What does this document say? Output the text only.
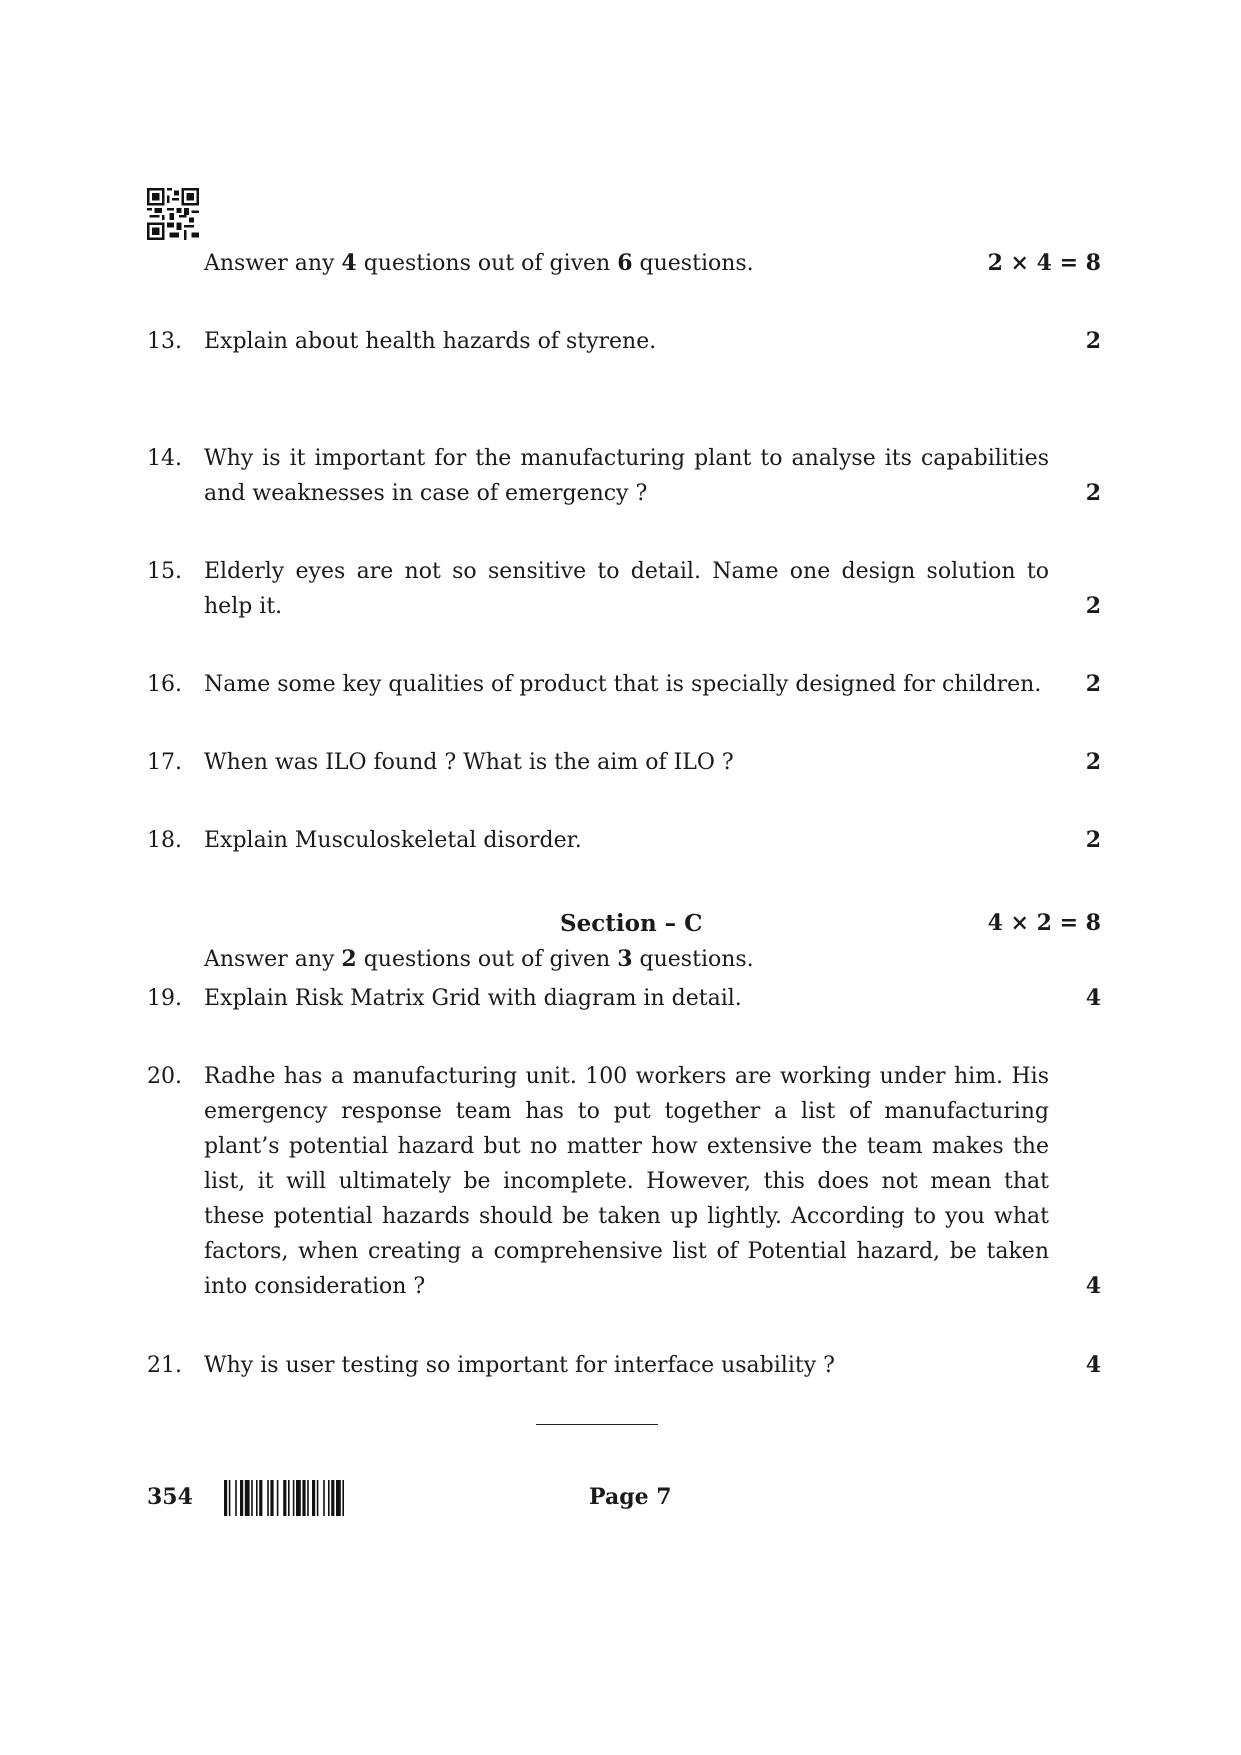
Answer any 4 questions out of given 6 questions.	2 × 4 = 8
13. Explain about health hazards of styrene.	2
14. Why is it important for the manufacturing plant to analyse its capabilities
and weaknesses in case of emergency ?	2
15. Elderly eyes are not so sensitive to detail. Name one design solution to
help it.	2
16. Name some key qualities of product that is specially designed for children.	2
17. When was ILO found ? What is the aim of ILO ?	2
18. Explain Musculoskeletal disorder.	2
Section – C	4 × 2 = 8
Answer any 2 questions out of given 3 questions.
19. Explain Risk Matrix Grid with diagram in detail.	4
20. Radhe has a manufacturing unit. 100 workers are working under him. His
emergency response team has to put together a list of manufacturing
plant’s potential hazard but no matter how extensive the team makes the
list, it will ultimately be incomplete. However, this does not mean that
these potential hazards should be taken up lightly. According to you what
factors, when creating a comprehensive list of Potential hazard, be taken
into consideration ?	4
21. Why is user testing so important for interface usability ?	4
354	Page 7
